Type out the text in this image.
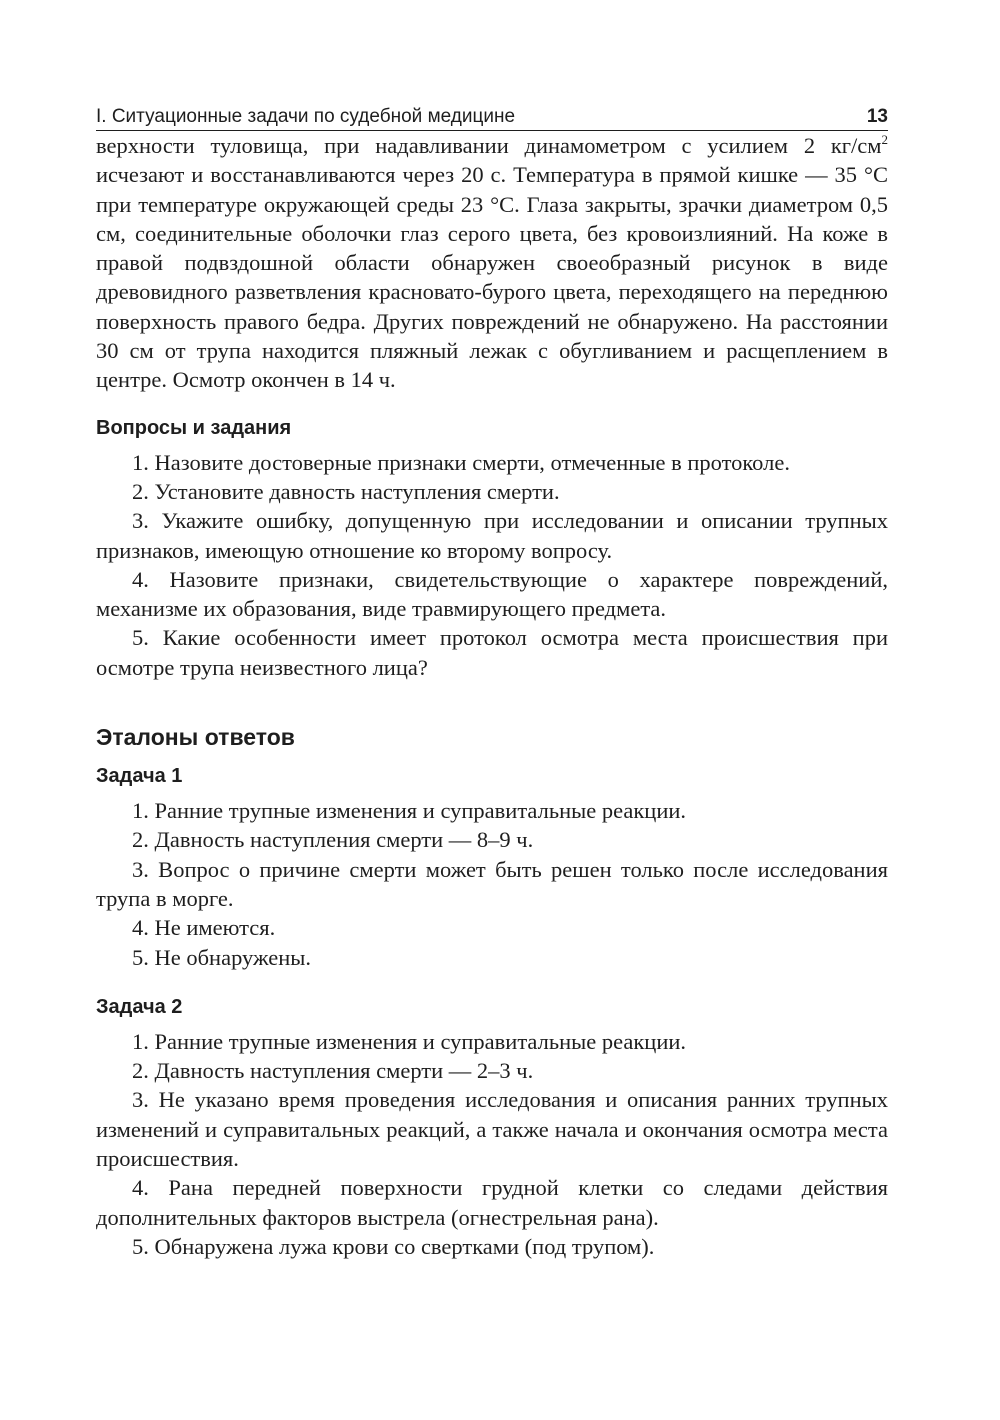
I. Ситуационные задачи по судебной медицине	13

верхности туловища, при надавливании динамометром с усилием 2 $кг/см^2$ исчезают и восстанавливаются через 20 с. Температура в прямой кишке — 35 °С при температуре окружающей среды 23 °С. Глаза закрыты, зрачки диаметром 0,5 см, соединительные оболочки глаз серого цвета, без кровоизлияний. На коже в правой подвздошной области обнаружен своеобразный рисунок в виде древовидного разветвления красновато-бурого цвета, переходящего на переднюю поверхность правого бедра. Других повреждений не обнаружено. На расстоянии 30 см от трупа находится пляжный лежак с обугливанием и расщеплением в центре. Осмотр окончен в 14 ч.

Вопросы и задания

1. Назовите достоверные признаки смерти, отмеченные в протоколе.

2. Установите давность наступления смерти.

3. Укажите ошибку, допущенную при исследовании и описании трупных признаков, имеющую отношение ко второму вопросу.

4. Назовите признаки, свидетельствующие о характере повреждений, механизме их образования, виде травмирующего предмета.

5. Какие особенности имеет протокол осмотра места происшествия при осмотре трупа неизвестного лица?

Эталоны ответов
Задача 1

1. Ранние трупные изменения и суправитальные реакции.

2. Давность наступления смерти — 8–9 ч.

3. Вопрос о причине смерти может быть решен только после исследования трупа в морге.

4. Не имеются.

5. Не обнаружены.

Задача 2

1. Ранние трупные изменения и суправитальные реакции.

2. Давность наступления смерти — 2–3 ч.

3. Не указано время проведения исследования и описания ранних трупных изменений и суправитальных реакций, а также начала и окончания осмотра места происшествия.

4. Рана передней поверхности грудной клетки со следами действия дополнительных факторов выстрела (огнестрельная рана).

5. Обнаружена лужа крови со свертками (под трупом).
